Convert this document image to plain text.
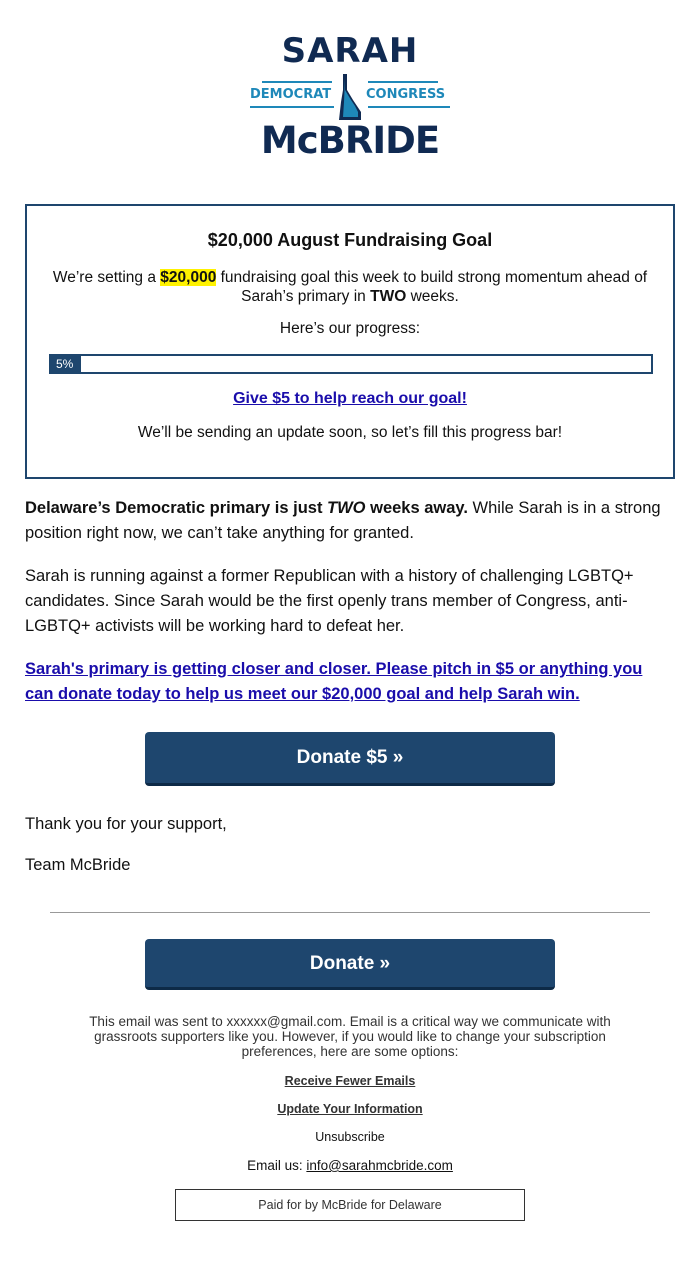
SARAH
DEMOCRAT	CONGRESS
McBRIDE
$20,000 August Fundraising Goal
We’re setting a $20,000 fundraising goal this week to build strong momentum ahead of Sarah’s primary in TWO weeks.
Here’s our progress:
5%
Give $5 to help reach our goal!
We’ll be sending an update soon, so let’s fill this progress bar!
Delaware’s Democratic primary is just TWO weeks away. While Sarah is in a strong position right now, we can’t take anything for granted.
Sarah is running against a former Republican with a history of challenging LGBTQ+ candidates. Since Sarah would be the first openly trans member of Congress, anti-LGBTQ+ activists will be working hard to defeat her.
Sarah's primary is getting closer and closer. Please pitch in $5 or anything you can donate today to help us meet our $20,000 goal and help Sarah win.
Donate $5 »
Thank you for your support,
Team McBride
Donate »
This email was sent to xxxxxx@gmail.com. Email is a critical way we communicate with grassroots supporters like you. However, if you would like to change your subscription preferences, here are some options:
Receive Fewer Emails
Update Your Information
Unsubscribe
Email us: info@sarahmcbride.com
Paid for by McBride for Delaware
